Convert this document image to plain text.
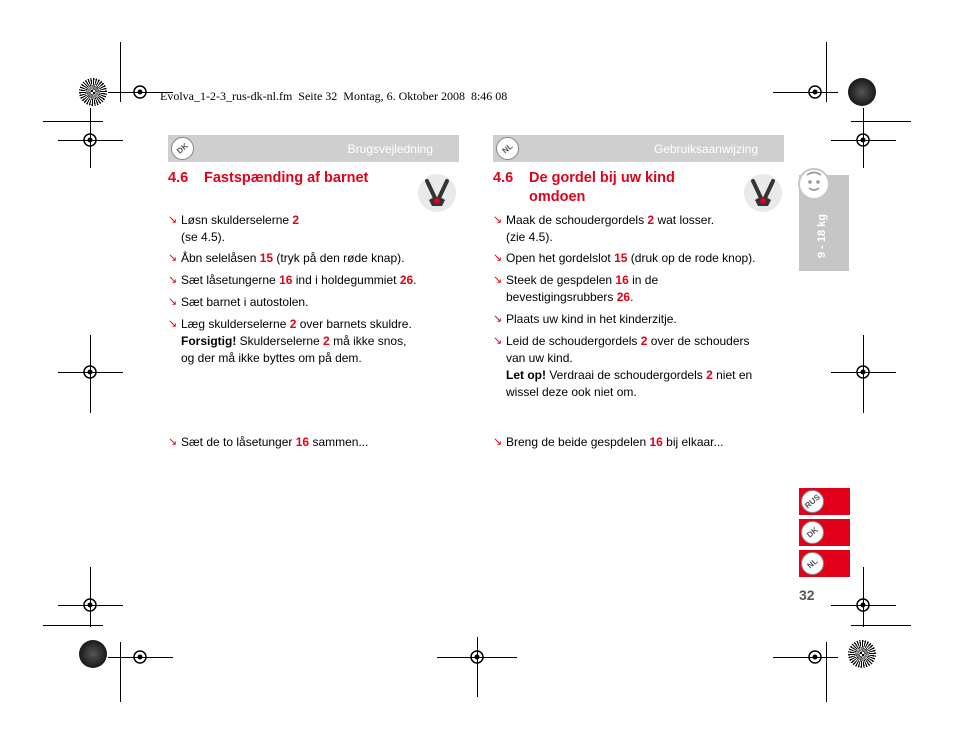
Evolva_1-2-3_rus-dk-nl.fm  Seite 32  Montag, 6. Oktober 2008  8:46 08
DK	Brugsvejledning
4.6 Fastspænding af barnet
↘ Løsn skulderselerne 2
(se 4.5).
↘ Åbn selelåsen 15 (tryk på den røde knap).
↘ Sæt låsetungerne 16 ind i holdegummiet 26.
↘ Sæt barnet i autostolen.
↘ Læg skulderselerne 2 over barnets skuldre.
Forsigtig! Skulderselerne 2 må ikke snos,
og der må ikke byttes om på dem.
↘ Sæt de to låsetunger 16 sammen...
NL	Gebruiksaanwijzing
4.6 De gordel bij uw kind
omdoen
↘ Maak de schoudergordels 2 wat losser.
(zie 4.5).
↘ Open het gordelslot 15 (druk op de rode knop).
↘ Steek de gespdelen 16 in de
bevestigingsrubbers 26.
↘ Plaats uw kind in het kinderzitje.
↘ Leid de schoudergordels 2 over de schouders
van uw kind.
Let op! Verdraai de schoudergordels 2 niet en
wissel deze ook niet om.
↘ Breng de beide gespdelen 16 bij elkaar...
9 - 18 kg
RUS
DK
NL
32
